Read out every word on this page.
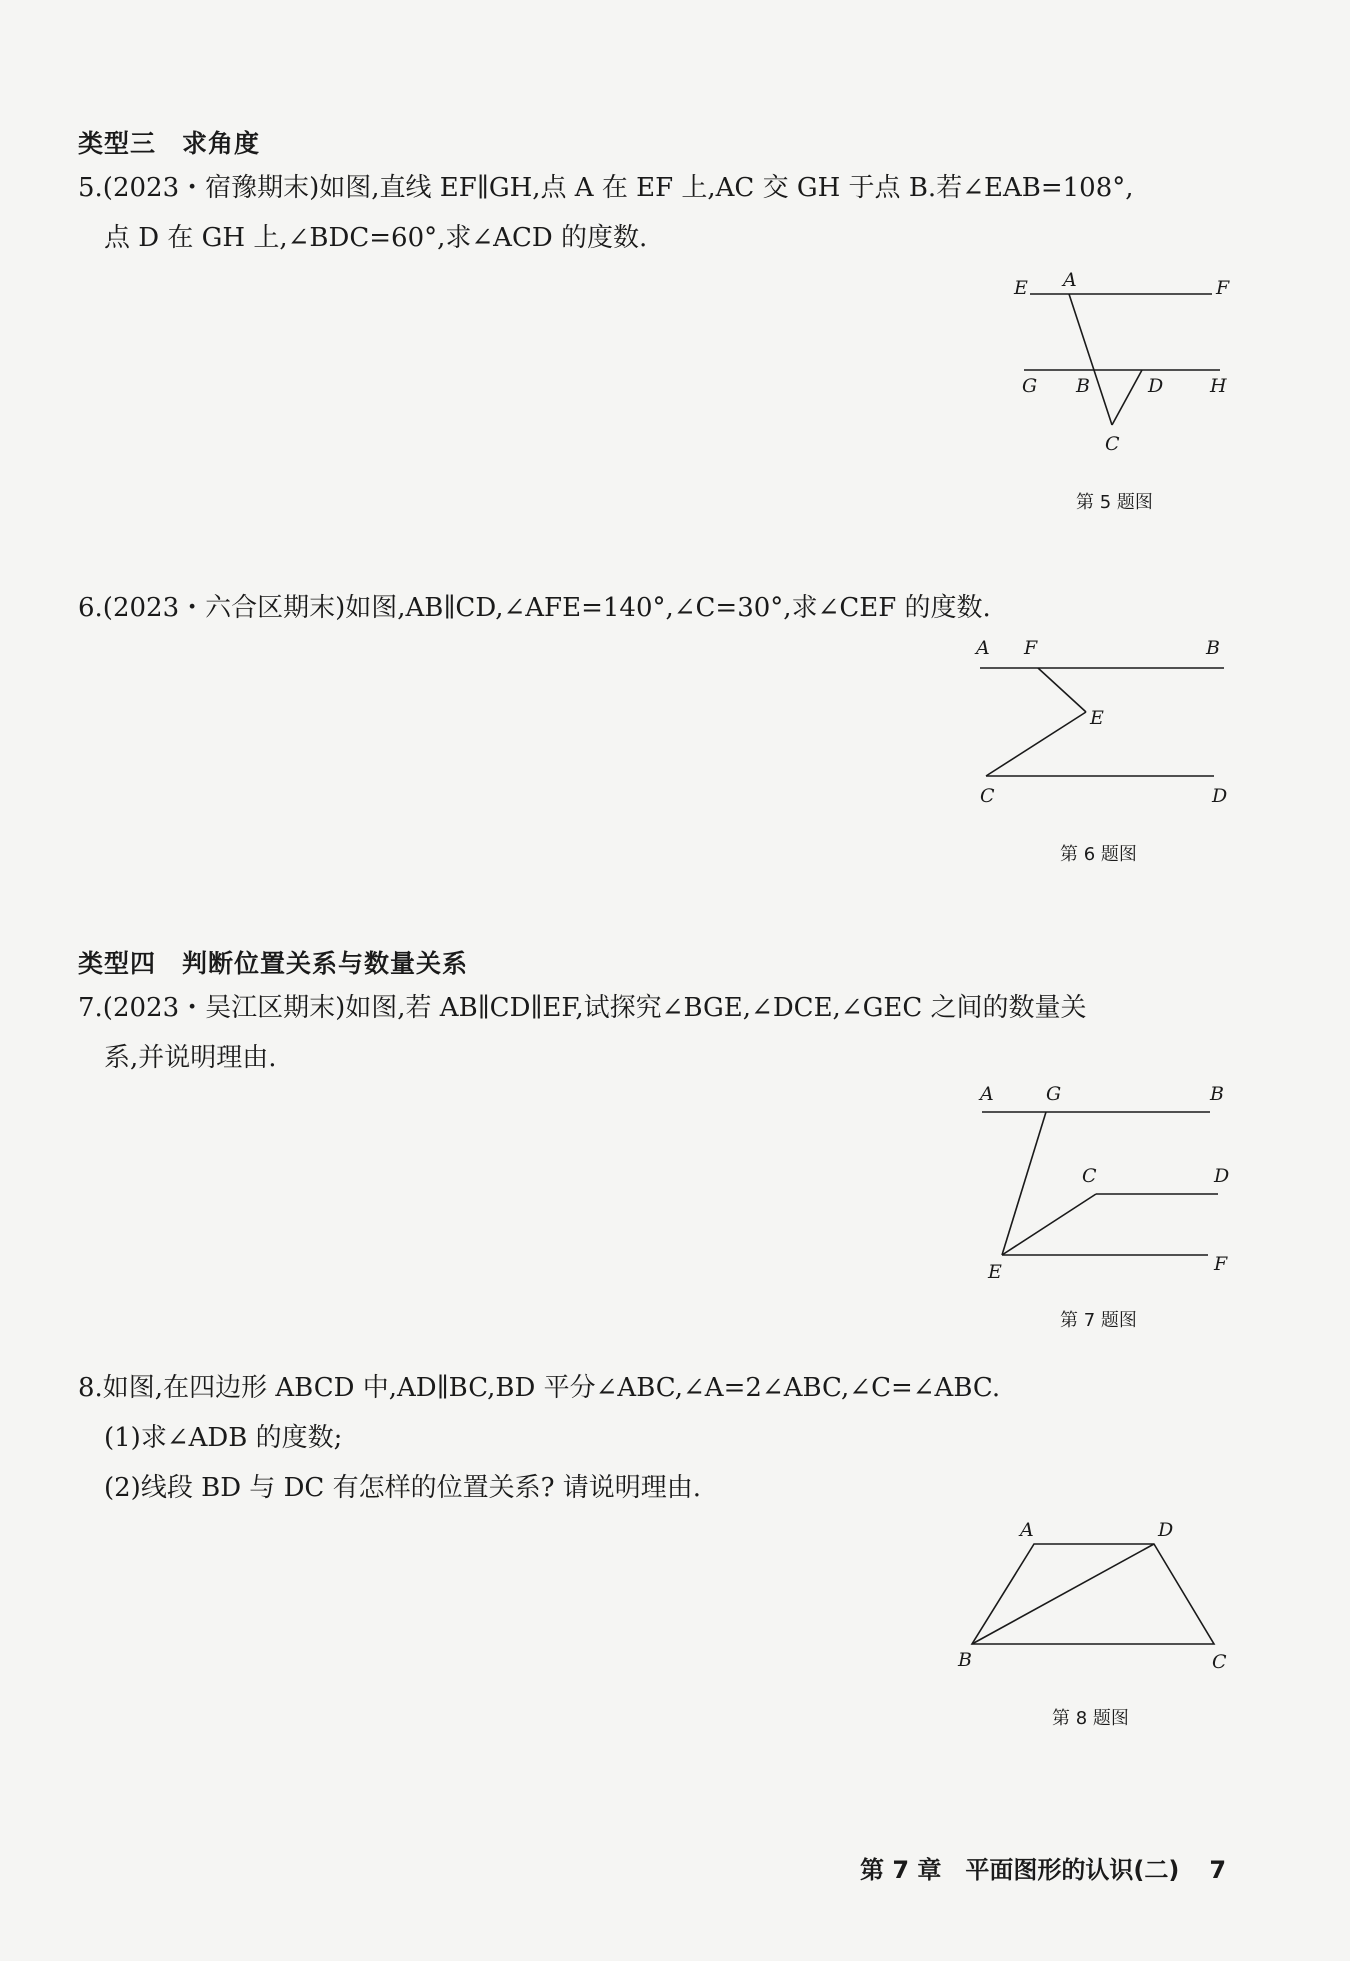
类型三　求角度
5.(2023・宿豫期末)如图,直线 EF∥GH,点 A 在 EF 上,AC 交 GH 于点 B.若∠EAB=108°,
点 D 在 GH 上,∠BDC=60°,求∠ACD 的度数.
E A	F
G B	D H
C
第 5 题图
6.(2023・六合区期末)如图,AB∥CD,∠AFE=140°,∠C=30°,求∠CEF 的度数.
A F	B
E
C	D
第 6 题图
类型四　判断位置关系与数量关系
7.(2023・吴江区期末)如图,若 AB∥CD∥EF,试探究∠BGE,∠DCE,∠GEC 之间的数量关
系,并说明理由.
A	G	B
C	D
E	F
第 7 题图
8.如图,在四边形 ABCD 中,AD∥BC,BD 平分∠ABC,∠A=2∠ABC,∠C=∠ABC.
(1)求∠ADB 的度数;
(2)线段 BD 与 DC 有怎样的位置关系? 请说明理由.
A	D
B	C
第 8 题图
第 7 章　平面图形的认识(二) 7
